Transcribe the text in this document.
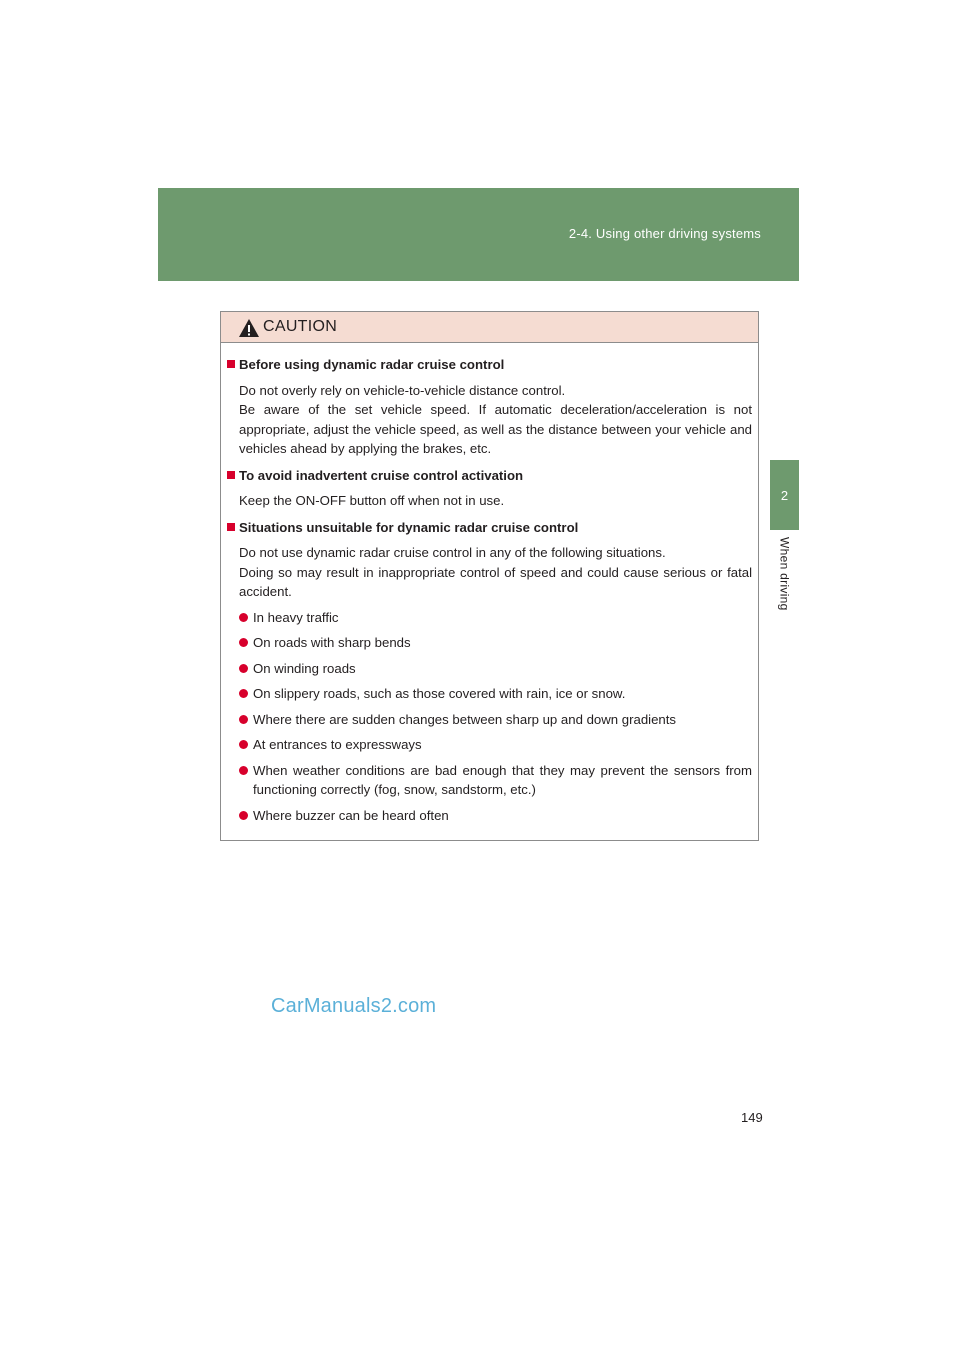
2-4. Using other driving systems
2
When driving
CAUTION
Before using dynamic radar cruise control
Do not overly rely on vehicle-to-vehicle distance control.
Be aware of the set vehicle speed. If automatic deceleration/acceleration is not appropriate, adjust the vehicle speed, as well as the distance between your vehicle and vehicles ahead by applying the brakes, etc.
To avoid inadvertent cruise control activation
Keep the ON-OFF button off when not in use.
Situations unsuitable for dynamic radar cruise control
Do not use dynamic radar cruise control in any of the following situations.
Doing so may result in inappropriate control of speed and could cause serious or fatal accident.
In heavy traffic
On roads with sharp bends
On winding roads
On slippery roads, such as those covered with rain, ice or snow.
Where there are sudden changes between sharp up and down gradients
At entrances to expressways
When weather conditions are bad enough that they may prevent the sensors from functioning correctly (fog, snow, sandstorm, etc.)
Where buzzer can be heard often
CarManuals2.com
149
